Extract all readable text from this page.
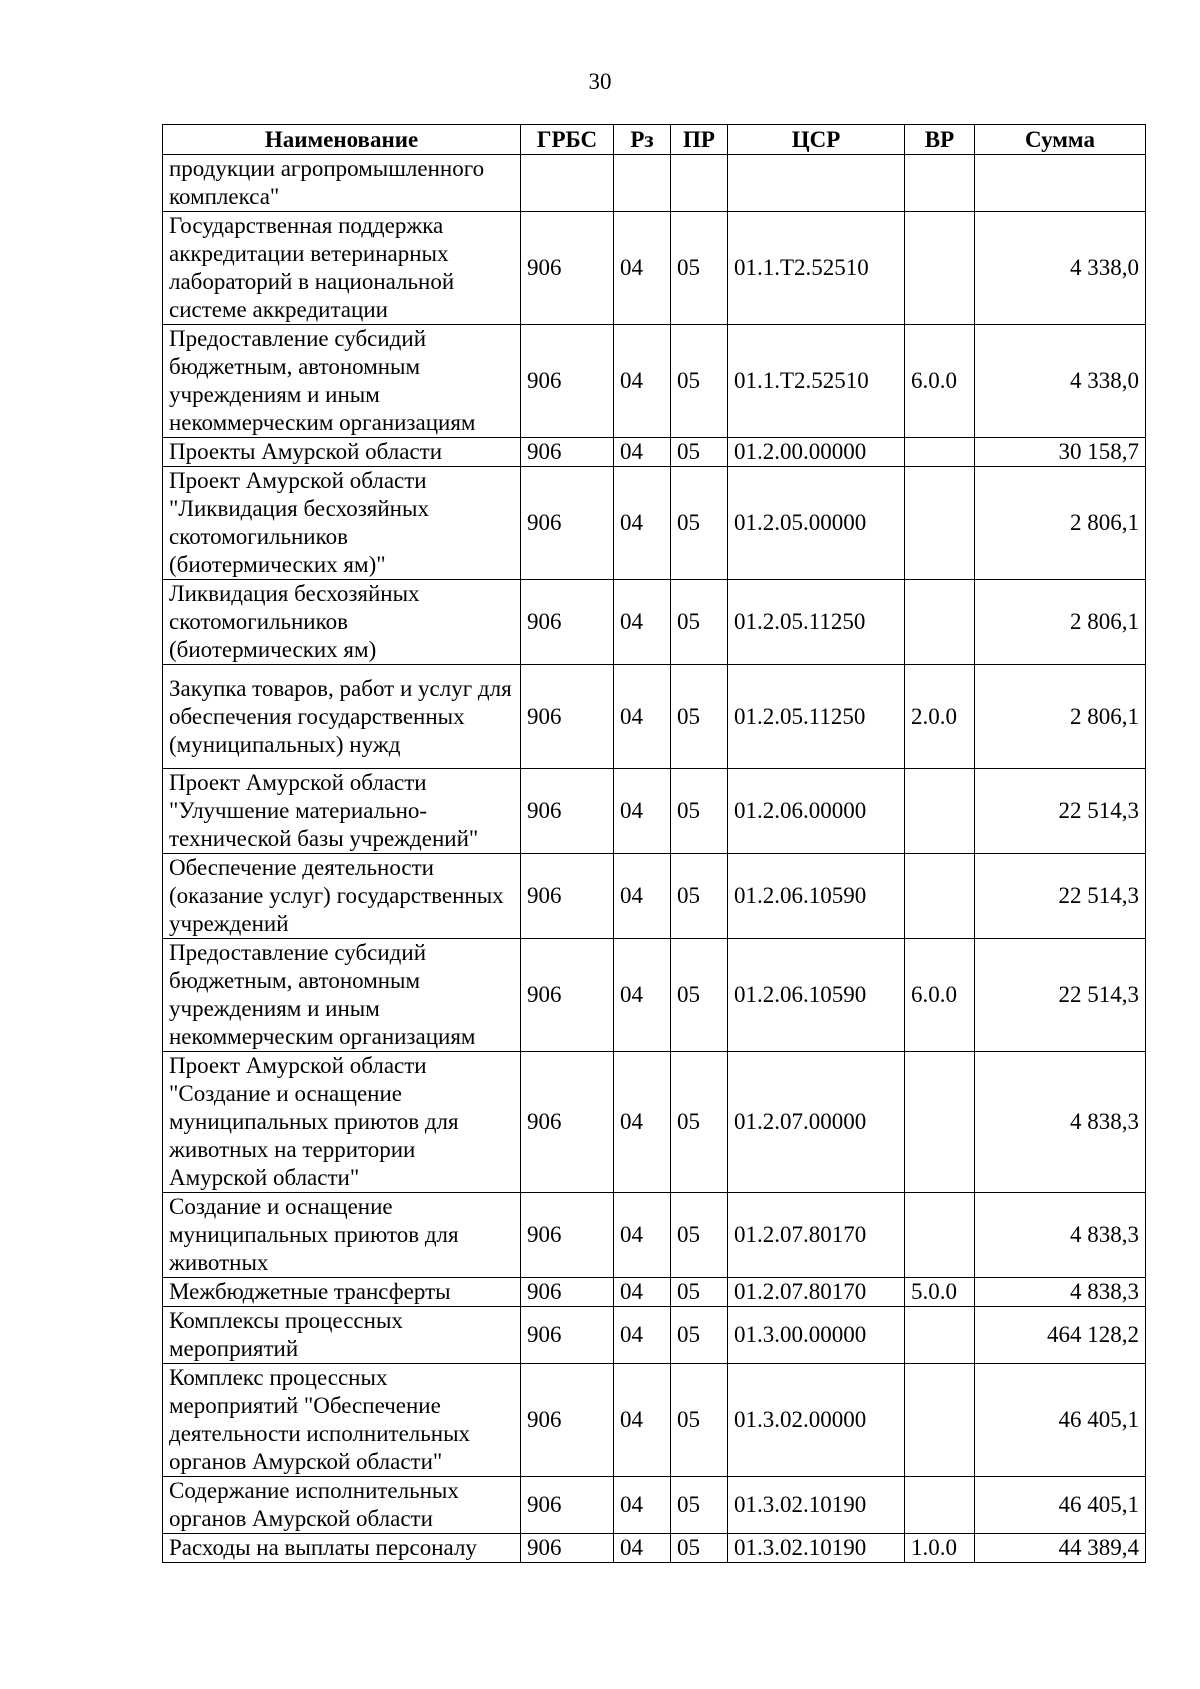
30
Наименование	ГРБС	Рз	ПР	ЦСР	ВР	Сумма
продукции агропромышленного комплекса"						
Государственная поддержка аккредитации ветеринарных лабораторий в национальной системе аккредитации	906	04	05	01.1.Т2.52510		4 338,0
Предоставление субсидий бюджетным, автономным учреждениям и иным некоммерческим организациям	906	04	05	01.1.Т2.52510	6.0.0	4 338,0
Проекты Амурской области	906	04	05	01.2.00.00000		30 158,7
Проект Амурской области "Ликвидация бесхозяйных скотомогильников (биотермических ям)"	906	04	05	01.2.05.00000		2 806,1
Ликвидация бесхозяйных скотомогильников (биотермических ям)	906	04	05	01.2.05.11250		2 806,1
Закупка товаров, работ и услуг для обеспечения государственных (муниципальных) нужд	906	04	05	01.2.05.11250	2.0.0	2 806,1
Проект Амурской области "Улучшение материально-технической базы учреждений"	906	04	05	01.2.06.00000		22 514,3
Обеспечение деятельности (оказание услуг) государственных учреждений	906	04	05	01.2.06.10590		22 514,3
Предоставление субсидий бюджетным, автономным учреждениям и иным некоммерческим организациям	906	04	05	01.2.06.10590	6.0.0	22 514,3
Проект Амурской области "Создание и оснащение муниципальных приютов для животных на территории Амурской области"	906	04	05	01.2.07.00000		4 838,3
Создание и оснащение муниципальных приютов для животных	906	04	05	01.2.07.80170		4 838,3
Межбюджетные трансферты	906	04	05	01.2.07.80170	5.0.0	4 838,3
Комплексы процессных мероприятий	906	04	05	01.3.00.00000		464 128,2
Комплекс процессных мероприятий "Обеспечение деятельности исполнительных органов Амурской области"	906	04	05	01.3.02.00000		46 405,1
Содержание исполнительных органов Амурской области	906	04	05	01.3.02.10190		46 405,1
Расходы на выплаты персоналу	906	04	05	01.3.02.10190	1.0.0	44 389,4
